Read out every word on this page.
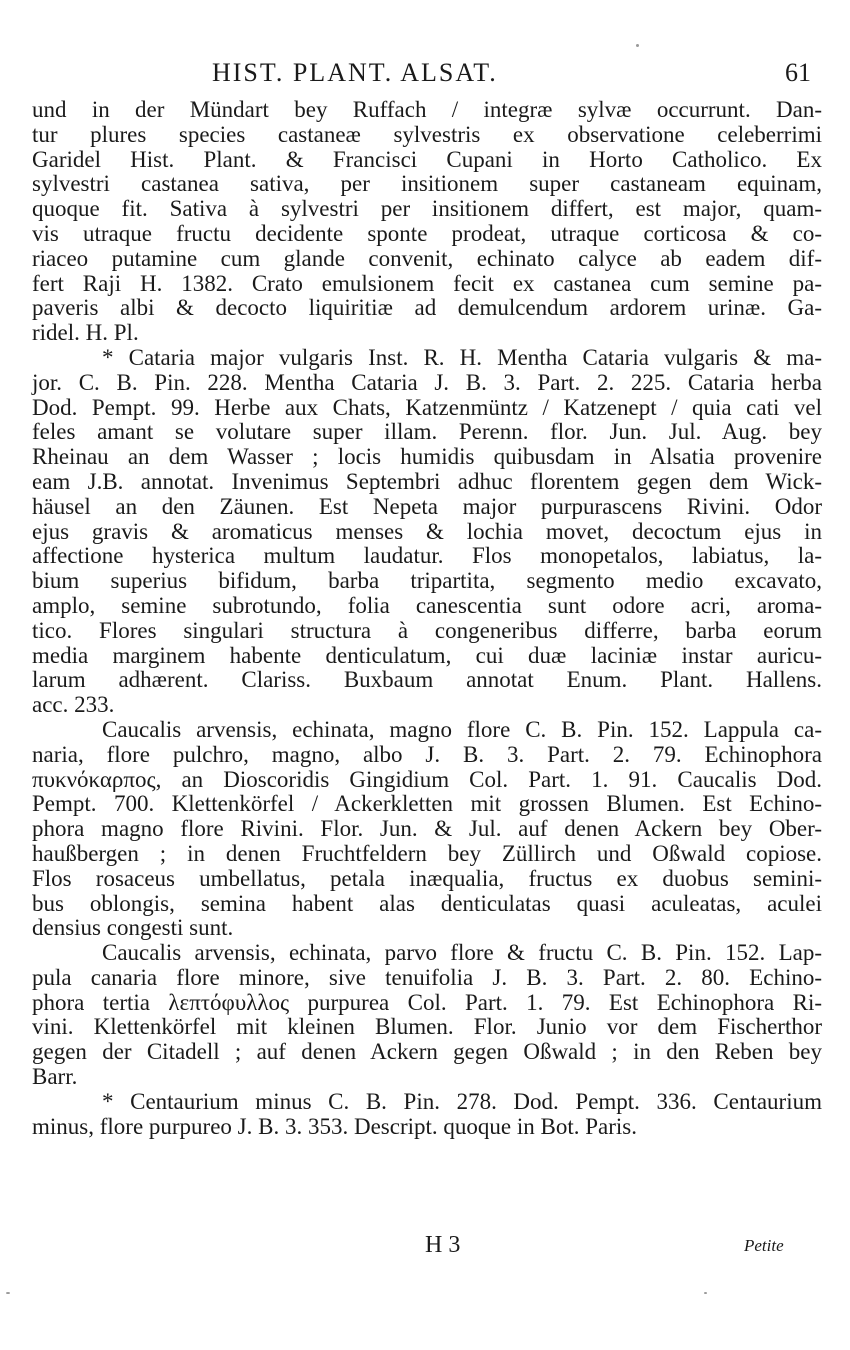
HIST. PLANT. ALSAT.	61
und in der Mündart bey Ruffach / integræ sylvæ occurrunt. Dan-
tur plures species castaneæ sylvestris ex observatione celeberrimi
Garidel Hist. Plant. & Francisci Cupani in Horto Catholico. Ex
sylvestri castanea sativa, per insitionem super castaneam equinam,
quoque fit. Sativa à sylvestri per insitionem differt, est major, quam-
vis utraque fructu decidente sponte prodeat, utraque corticosa & co-
riaceo putamine cum glande convenit, echinato calyce ab eadem dif-
fert Raji H. 1382. Crato emulsionem fecit ex castanea cum semine pa-
paveris albi & decocto liquiritiæ ad demulcendum ardorem urinæ. Ga-
ridel. H. Pl.
* Cataria major vulgaris Inst. R. H. Mentha Cataria vulgaris & ma-
jor. C. B. Pin. 228. Mentha Cataria J. B. 3. Part. 2. 225. Cataria herba
Dod. Pempt. 99. Herbe aux Chats, Katzenmüntz / Katzenept / quia cati vel
feles amant se volutare super illam. Perenn. flor. Jun. Jul. Aug. bey
Rheinau an dem Wasser ; locis humidis quibusdam in Alsatia provenire
eam J.B. annotat. Invenimus Septembri adhuc florentem gegen dem Wick-
häusel an den Zäunen. Est Nepeta major purpurascens Rivini. Odor
ejus gravis & aromaticus menses & lochia movet, decoctum ejus in
affectione hysterica multum laudatur. Flos monopetalos, labiatus, la-
bium superius bifidum, barba tripartita, segmento medio excavato,
amplo, semine subrotundo, folia canescentia sunt odore acri, aroma-
tico. Flores singulari structura à congeneribus differre, barba eorum
media marginem habente denticulatum, cui duæ laciniæ instar auricu-
larum adhærent. Clariss. Buxbaum annotat Enum. Plant. Hallens.
acc. 233.
Caucalis arvensis, echinata, magno flore C. B. Pin. 152. Lappula ca-
naria, flore pulchro, magno, albo J. B. 3. Part. 2. 79. Echinophora
πυκνόκαρπος, an Dioscoridis Gingidium Col. Part. 1. 91. Caucalis Dod.
Pempt. 700. Klettenkörfel / Ackerkletten mit grossen Blumen. Est Echino-
phora magno flore Rivini. Flor. Jun. & Jul. auf denen Ackern bey Ober-
haußbergen ; in denen Fruchtfeldern bey Züllirch und Oßwald copiose.
Flos rosaceus umbellatus, petala inæqualia, fructus ex duobus semini-
bus oblongis, semina habent alas denticulatas quasi aculeatas, aculei
densius congesti sunt.
Caucalis arvensis, echinata, parvo flore & fructu C. B. Pin. 152. Lap-
pula canaria flore minore, sive tenuifolia J. B. 3. Part. 2. 80. Echino-
phora tertia λεπτόφυλλος purpurea Col. Part. 1. 79. Est Echinophora Ri-
vini. Klettenkörfel mit kleinen Blumen. Flor. Junio vor dem Fischerthor
gegen der Citadell ; auf denen Ackern gegen Oßwald ; in den Reben bey
Barr.
* Centaurium minus C. B. Pin. 278. Dod. Pempt. 336. Centaurium
minus, flore purpureo J. B. 3. 353. Descript. quoque in Bot. Paris.
H 3	Petite
